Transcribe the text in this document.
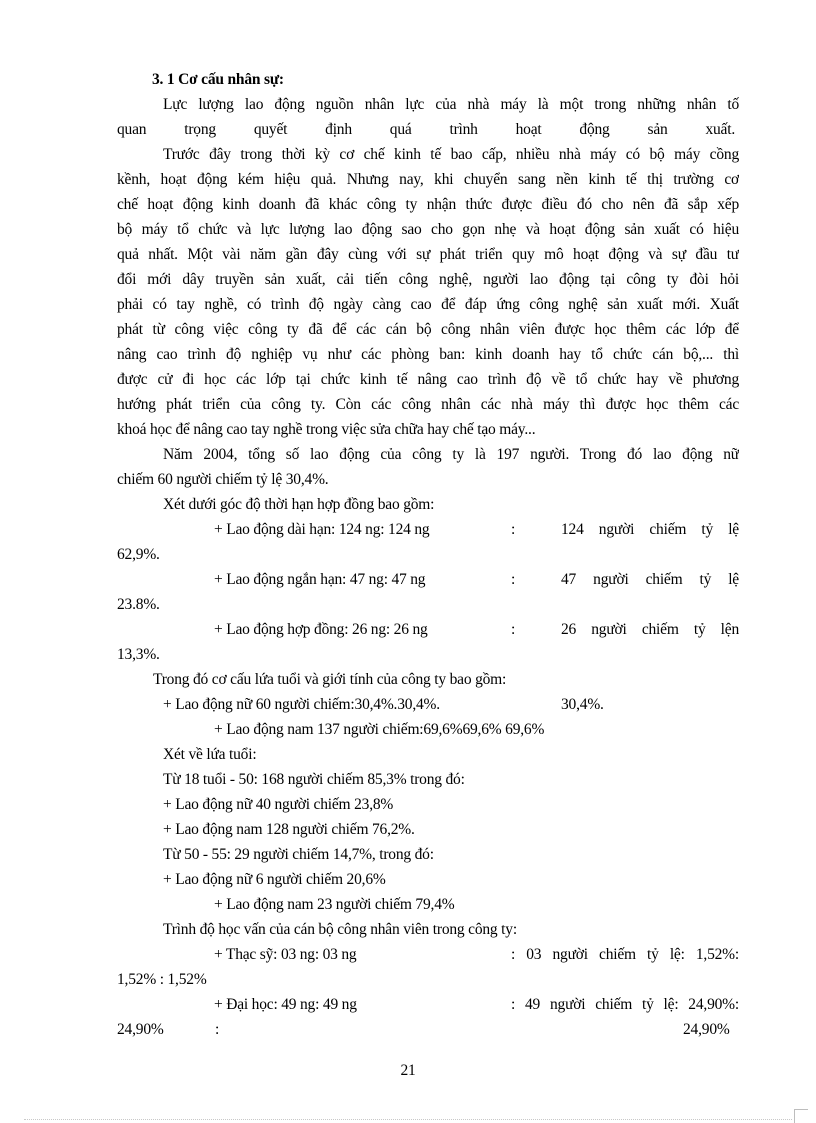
3. 1 Cơ cấu nhân sự:
Lực lượng lao động nguồn nhân lực của nhà máy là một trong những nhân tố
quan trọng quyết định quá trình hoạt động sản xuất.
Trước đây trong thời kỳ cơ chế kinh tế bao cấp, nhiều nhà máy có bộ máy cồng
kềnh, hoạt động kém hiệu quả. Nhưng nay, khi chuyển sang nền kinh tế thị trường cơ
chế hoạt động kinh doanh đã khác công ty nhận thức được điều đó cho nên đã sắp xếp
bộ máy tổ chức và lực lượng lao động sao cho gọn nhẹ và hoạt động sản xuất có hiệu
quả nhất. Một vài năm gần đây cùng với sự phát triển quy mô hoạt động và sự đầu tư
đổi mới dây truyền sản xuất, cải tiến công nghệ, người lao động tại công ty đòi hỏi
phải có tay nghề, có trình độ ngày càng cao để đáp ứng công nghệ sản xuất mới. Xuất
phát từ công việc công ty đã để các cán bộ công nhân viên được học thêm các lớp để
nâng cao trình độ nghiệp vụ như các phòng ban: kinh doanh hay tổ chức cán bộ,... thì
được cử đi học các lớp tại chức kinh tế nâng cao trình độ về tổ chức hay về phương
hướng phát triển của công ty. Còn các công nhân các nhà máy thì được học thêm các
khoá học để nâng cao tay nghề trong việc sửa chữa hay chế tạo máy...
Năm 2004, tổng số lao động của công ty là 197 người. Trong đó lao động nữ
chiếm 60 người chiếm tỷ lệ 30,4%.
Xét dưới góc độ thời hạn hợp đồng bao gồm:
+ Lao động dài hạn: 124 ng: 124 ng	:	124 người chiếm tỷ lệ
62,9%.
+ Lao động ngắn hạn: 47 ng: 47 ng	:	47 người chiếm tỷ lệ
23.8%.
+ Lao động hợp đồng: 26 ng: 26 ng	:	26 người chiếm tỷ lện
13,3%.
Trong đó cơ cấu lứa tuổi và giới tính của công ty bao gồm:
+ Lao động nữ 60 người chiếm:30,4%.30,4%.	30,4%.
+ Lao động nam 137 người chiếm:69,6%69,6% 69,6%
Xét về lứa tuổi:
Từ 18 tuổi - 50: 168 người chiếm 85,3% trong đó:
+ Lao động nữ 40 người chiếm 23,8%
+ Lao động nam 128 người chiếm 76,2%.
Từ 50 - 55: 29 người chiếm 14,7%, trong đó:
+ Lao động nữ 6 người chiếm 20,6%
+ Lao động nam 23 người chiếm 79,4%
Trình độ học vấn của cán bộ công nhân viên trong công ty:
+ Thạc sỹ: 03 ng: 03 ng	: 03 người chiếm tỷ lệ: 1,52%:
1,52% : 1,52%
+ Đại học: 49 ng: 49 ng	: 49 người chiếm tỷ lệ: 24,90%:
24,90%	:	24,90%
21
